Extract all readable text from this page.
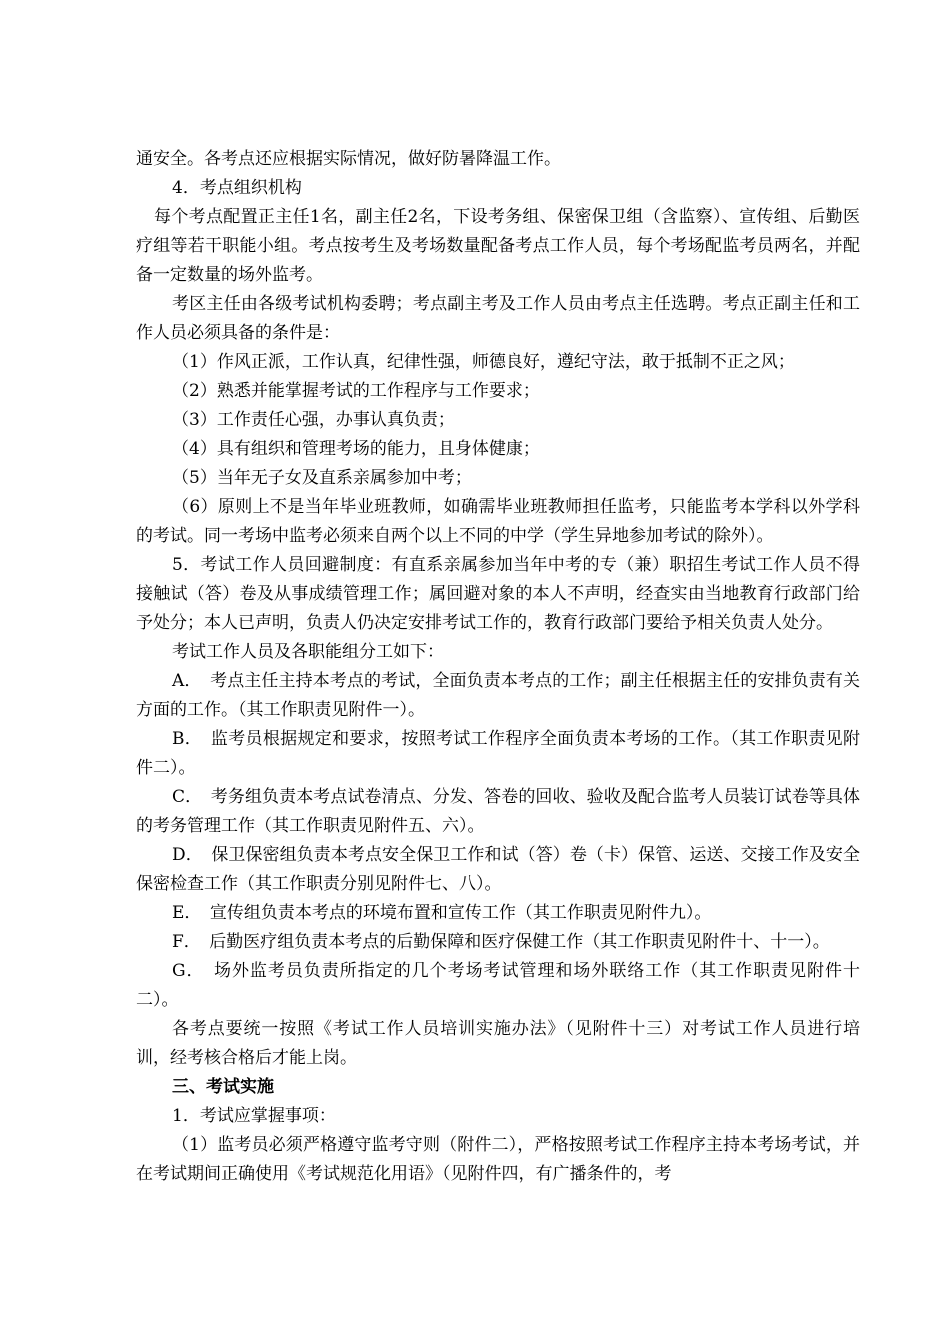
通安全。各考点还应根据实际情况，做好防暑降温工作。

4．考点组织机构

每个考点配置正主任1名，副主任2名，下设考务组、保密保卫组（含监察）、宣传组、后勤医疗组等若干职能小组。考点按考生及考场数量配备考点工作人员，每个考场配监考员两名，并配备一定数量的场外监考。

考区主任由各级考试机构委聘；考点副主考及工作人员由考点主任选聘。考点正副主任和工作人员必须具备的条件是：

（1）作风正派，工作认真，纪律性强，师德良好，遵纪守法，敢于抵制不正之风；

（2）熟悉并能掌握考试的工作程序与工作要求；

（3）工作责任心强，办事认真负责；

（4）具有组织和管理考场的能力，且身体健康；

（5）当年无子女及直系亲属参加中考；

（6）原则上不是当年毕业班教师，如确需毕业班教师担任监考，只能监考本学科以外学科的考试。同一考场中监考必须来自两个以上不同的中学（学生异地参加考试的除外）。

5．考试工作人员回避制度：有直系亲属参加当年中考的专（兼）职招生考试工作人员不得接触试（答）卷及从事成绩管理工作；属回避对象的本人不声明，经查实由当地教育行政部门给予处分；本人已声明，负责人仍决定安排考试工作的，教育行政部门要给予相关负责人处分。

考试工作人员及各职能组分工如下：

A．　考点主任主持本考点的考试，全面负责本考点的工作；副主任根据主任的安排负责有关方面的工作。（其工作职责见附件一）。

B．　监考员根据规定和要求，按照考试工作程序全面负责本考场的工作。（其工作职责见附件二）。

C．　考务组负责本考点试卷清点、分发、答卷的回收、验收及配合监考人员装订试卷等具体的考务管理工作（其工作职责见附件五、六）。

D．　保卫保密组负责本考点安全保卫工作和试（答）卷（卡）保管、运送、交接工作及安全保密检查工作（其工作职责分别见附件七、八）。

E．　宣传组负责本考点的环境布置和宣传工作（其工作职责见附件九）。

F．　后勤医疗组负责本考点的后勤保障和医疗保健工作（其工作职责见附件十、十一）。

G．　场外监考员负责所指定的几个考场考试管理和场外联络工作（其工作职责见附件十二）。

各考点要统一按照《考试工作人员培训实施办法》（见附件十三）对考试工作人员进行培训，经考核合格后才能上岗。

三、考试实施

1．考试应掌握事项：

（1）监考员必须严格遵守监考守则（附件二），严格按照考试工作程序主持本考场考试，并在考试期间正确使用《考试规范化用语》（见附件四，有广播条件的，考
